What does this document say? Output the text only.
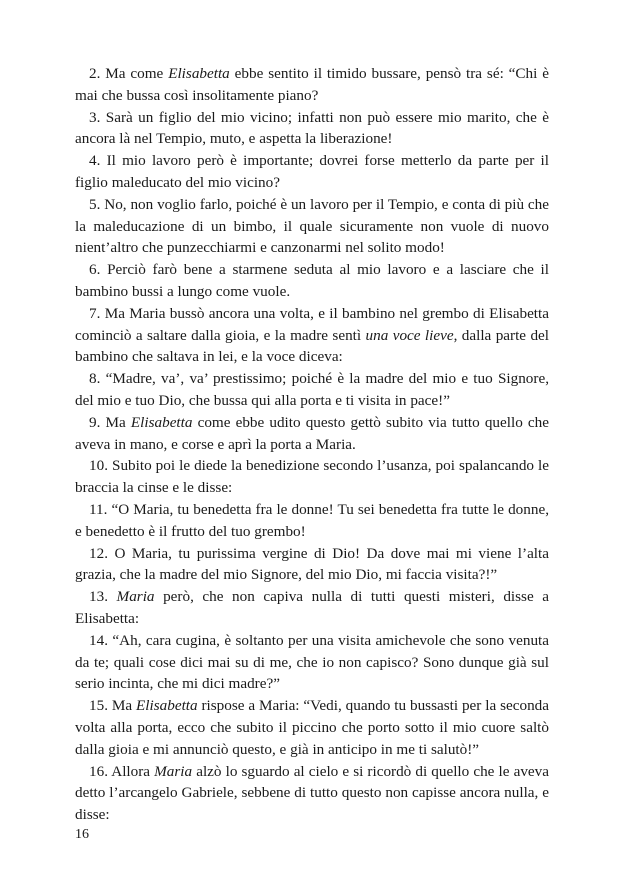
2. Ma come Elisabetta ebbe sentito il timido bussare, pensò tra sé: “Chi è mai che bussa così insolitamente piano?

3. Sarà un figlio del mio vicino; infatti non può essere mio marito, che è ancora là nel Tempio, muto, e aspetta la liberazione!

4. Il mio lavoro però è importante; dovrei forse metterlo da parte per il figlio maleducato del mio vicino?

5. No, non voglio farlo, poiché è un lavoro per il Tempio, e conta di più che la maleducazione di un bimbo, il quale sicuramente non vuole di nuovo nient’altro che punzecchiarmi e canzonarmi nel solito modo!

6. Perciò farò bene a starmene seduta al mio lavoro e a lasciare che il bambino bussi a lungo come vuole.

7. Ma Maria bussò ancora una volta, e il bambino nel grembo di Elisabetta cominciò a saltare dalla gioia, e la madre sentì una voce lieve, dalla parte del bambino che saltava in lei, e la voce diceva:

8. “Madre, va’, va’ prestissimo; poiché è la madre del mio e tuo Signore, del mio e tuo Dio, che bussa qui alla porta e ti visita in pace!”

9. Ma Elisabetta come ebbe udito questo gettò subito via tutto quello che aveva in mano, e corse e aprì la porta a Maria.

10. Subito poi le diede la benedizione secondo l’usanza, poi spalancando le braccia la cinse e le disse:

11. “O Maria, tu benedetta fra le donne! Tu sei benedetta fra tutte le donne, e benedetto è il frutto del tuo grembo!

12. O Maria, tu purissima vergine di Dio! Da dove mai mi viene l’alta grazia, che la madre del mio Signore, del mio Dio, mi faccia visita?!”

13. Maria però, che non capiva nulla di tutti questi misteri, disse a Elisabetta:

14. “Ah, cara cugina, è soltanto per una visita amichevole che sono venuta da te; quali cose dici mai su di me, che io non capisco? Sono dunque già sul serio incinta, che mi dici madre?”

15. Ma Elisabetta rispose a Maria: “Vedi, quando tu bussasti per la seconda volta alla porta, ecco che subito il piccino che porto sotto il mio cuore saltò dalla gioia e mi annunciò questo, e già in anticipo in me ti salutò!”

16. Allora Maria alzò lo sguardo al cielo e si ricordò di quello che le aveva detto l’arcangelo Gabriele, sebbene di tutto questo non capisse ancora nulla, e disse:

16
